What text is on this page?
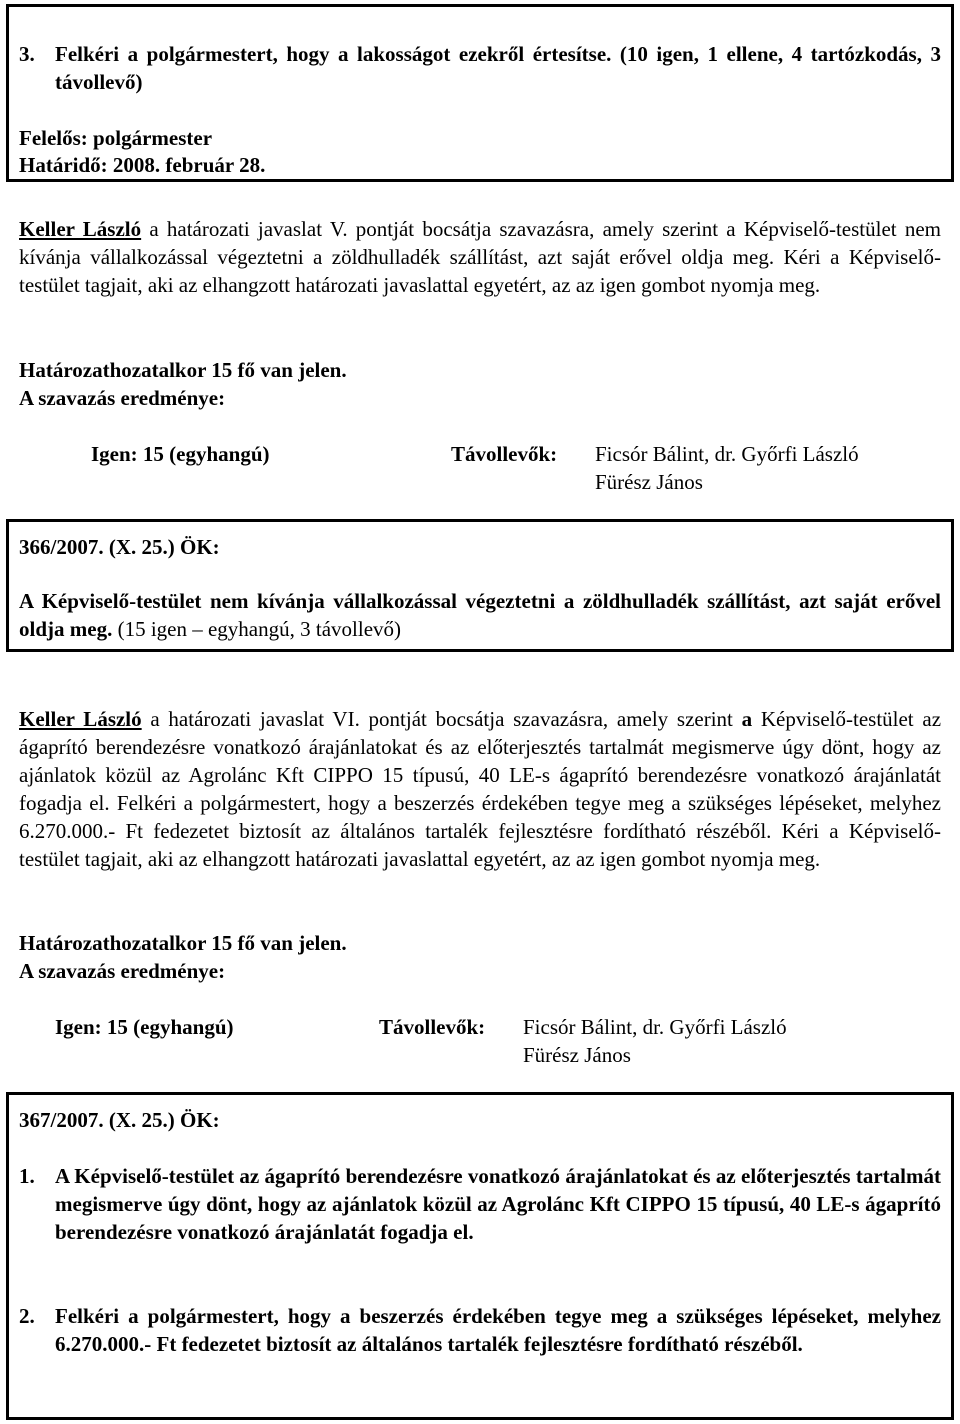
3. Felkéri a polgármestert, hogy a lakosságot ezekről értesítse. (10 igen, 1 ellene, 4 tartózkodás, 3 távollevő)

Felelős: polgármester

Határidő: 2008. február 28.

Keller László a határozati javaslat V. pontját bocsátja szavazásra, amely szerint a Képviselő-testület nem kívánja vállalkozással végeztetni a zöldhulladék szállítást, azt saját erővel oldja meg. Kéri a Képviselő-testület tagjait, aki az elhangzott határozati javaslattal egyetért, az az igen gombot nyomja meg.

Határozathozatalkor 15 fő van jelen.

A szavazás eredménye:

Igen: 15 (egyhangú)	Távollevők: Ficsór Bálint, dr. Győrfi László

Fürész János

366/2007. (X. 25.) ÖK:

A Képviselő-testület nem kívánja vállalkozással végeztetni a zöldhulladék szállítást, azt saját erővel oldja meg. (15 igen – egyhangú, 3 távollevő)

Keller László a határozati javaslat VI. pontját bocsátja szavazásra, amely szerint a Képviselő-testület az ágaprító berendezésre vonatkozó árajánlatokat és az előterjesztés tartalmát megismerve úgy dönt, hogy az ajánlatok közül az Agrolánc Kft CIPPO 15 típusú, 40 LE-s ágaprító berendezésre vonatkozó árajánlatát fogadja el. Felkéri a polgármestert, hogy a beszerzés érdekében tegye meg a szükséges lépéseket, melyhez 6.270.000.- Ft fedezetet biztosít az általános tartalék fejlesztésre fordítható részéből. Kéri a Képviselő-testület tagjait, aki az elhangzott határozati javaslattal egyetért, az az igen gombot nyomja meg.

Határozathozatalkor 15 fő van jelen.

A szavazás eredménye:

Igen: 15 (egyhangú)	Távollevők: Ficsór Bálint, dr. Győrfi László

Fürész János

367/2007. (X. 25.) ÖK:

1. A Képviselő-testület az ágaprító berendezésre vonatkozó árajánlatokat és az előterjesztés tartalmát megismerve úgy dönt, hogy az ajánlatok közül az Agrolánc Kft CIPPO 15 típusú, 40 LE-s ágaprító berendezésre vonatkozó árajánlatát fogadja el.
2. Felkéri a polgármestert, hogy a beszerzés érdekében tegye meg a szükséges lépéseket, melyhez 6.270.000.- Ft fedezetet biztosít az általános tartalék fejlesztésre fordítható részéből.
